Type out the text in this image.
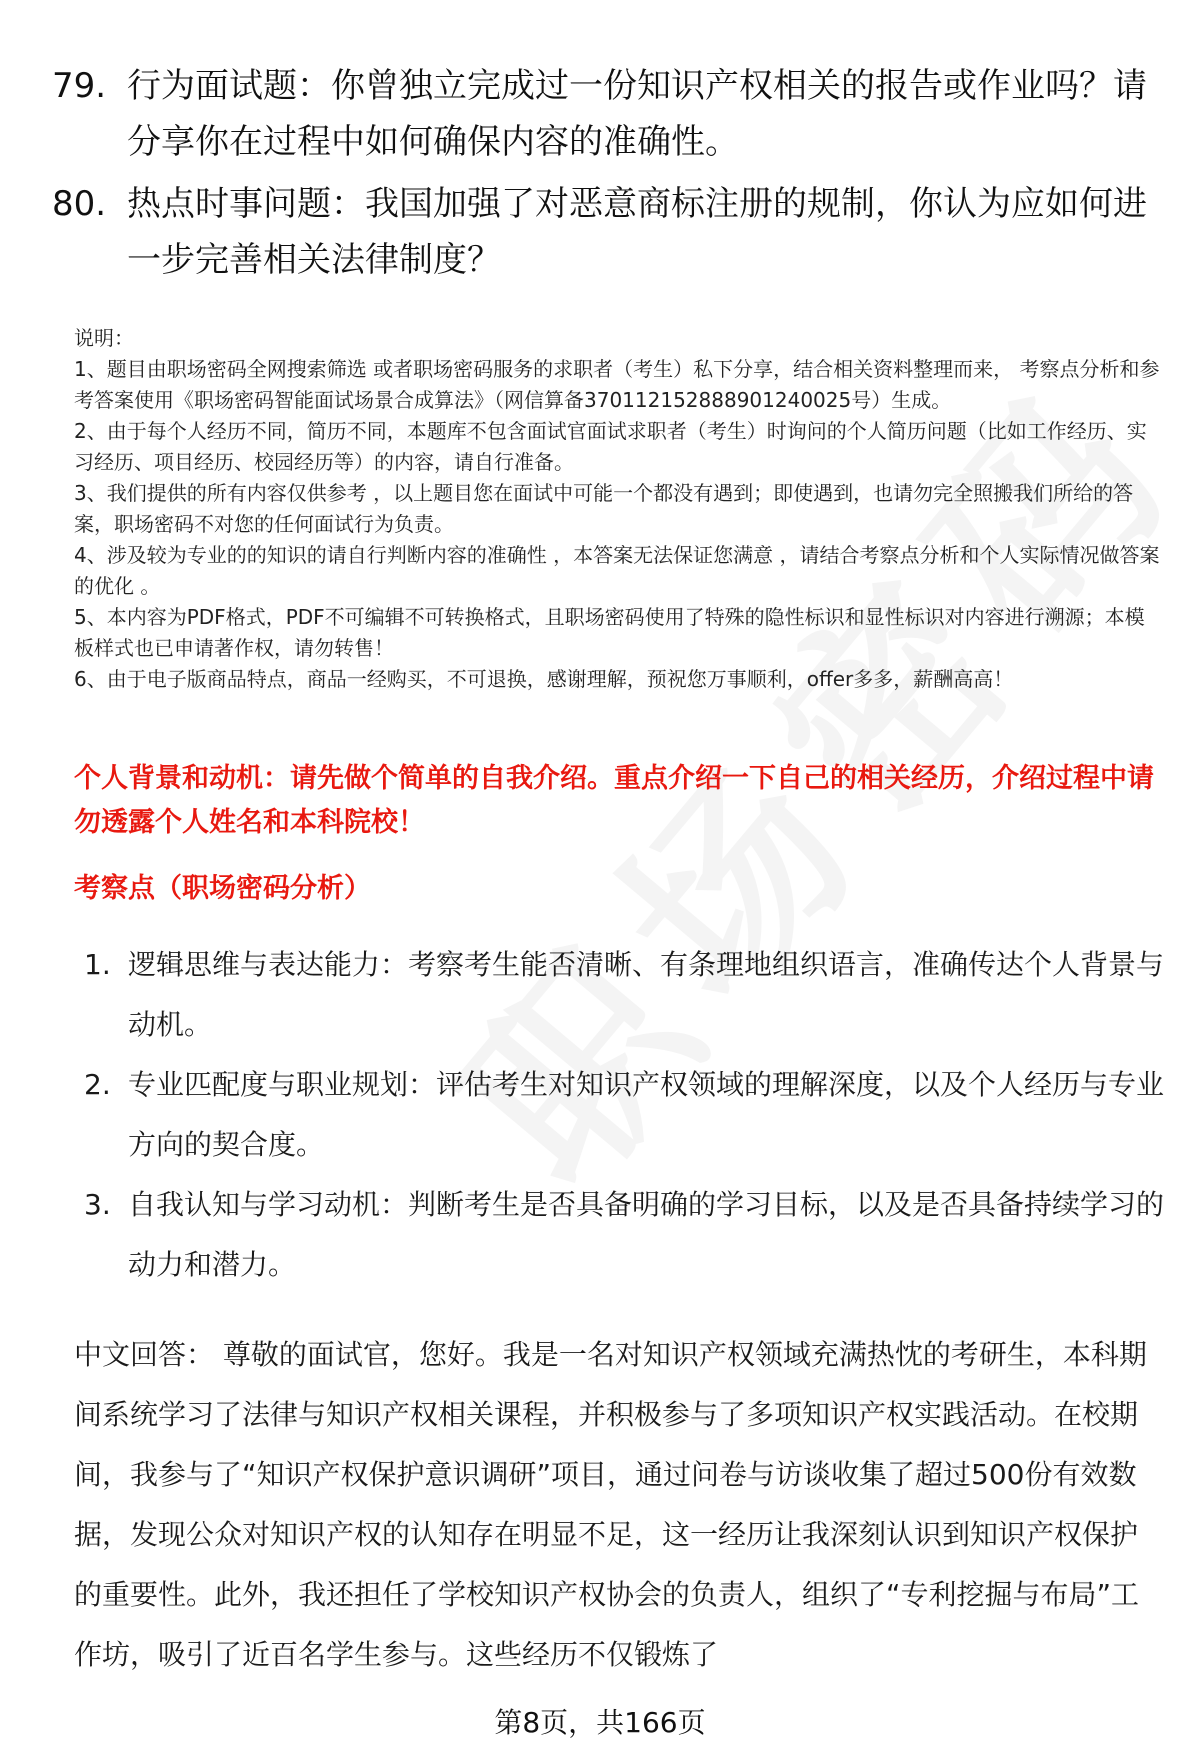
79. 行为面试题：你曾独立完成过一份知识产权相关的报告或作业吗？请分享你在过程中如何确保内容的准确性。
80. 热点时事问题：我国加强了对恶意商标注册的规制，你认为应如何进一步完善相关法律制度？

说明：

1、题目由职场密码全网搜索筛选 或者职场密码服务的求职者（考生）私下分享，结合相关资料整理而来， 考察点分析和参考答案使用《职场密码智能面试场景合成算法》（网信算备370112152888901240025号）生成。

2、由于每个人经历不同，简历不同，本题库不包含面试官面试求职者（考生）时询问的个人简历问题（比如工作经历、实习经历、项目经历、校园经历等）的内容，请自行准备。

3、我们提供的所有内容仅供参考 ，以上题目您在面试中可能一个都没有遇到；即使遇到，也请勿完全照搬我们所给的答案，职场密码不对您的任何面试行为负责。

4、涉及较为专业的的知识的请自行判断内容的准确性 ，本答案无法保证您满意 ，请结合考察点分析和个人实际情况做答案的优化 。

5、本内容为PDF格式，PDF不可编辑不可转换格式，且职场密码使用了特殊的隐性标识和显性标识对内容进行溯源；本模板样式也已申请著作权，请勿转售！

6、由于电子版商品特点，商品一经购买，不可退换，感谢理解，预祝您万事顺利，offer多多，薪酬高高！

个人背景和动机：请先做个简单的自我介绍。重点介绍一下自己的相关经历，介绍过程中请勿透露个人姓名和本科院校！
考察点（职场密码分析）
1. 逻辑思维与表达能力：考察考生能否清晰、有条理地组织语言，准确传达个人背景与动机。
2. 专业匹配度与职业规划：评估考生对知识产权领域的理解深度，以及个人经历与专业方向的契合度。
3. 自我认知与学习动机：判断考生是否具备明确的学习目标，以及是否具备持续学习的动力和潜力。
中文回答： 尊敬的面试官，您好。我是一名对知识产权领域充满热忱的考研生，本科期间系统学习了法律与知识产权相关课程，并积极参与了多项知识产权实践活动。在校期间，我参与了“知识产权保护意识调研”项目，通过问卷与访谈收集了超过500份有效数据，发现公众对知识产权的认知存在明显不足，这一经历让我深刻认识到知识产权保护的重要性。此外，我还担任了学校知识产权协会的负责人，组织了“专利挖掘与布局”工作坊，吸引了近百名学生参与。这些经历不仅锻炼了
第8页，共166页
